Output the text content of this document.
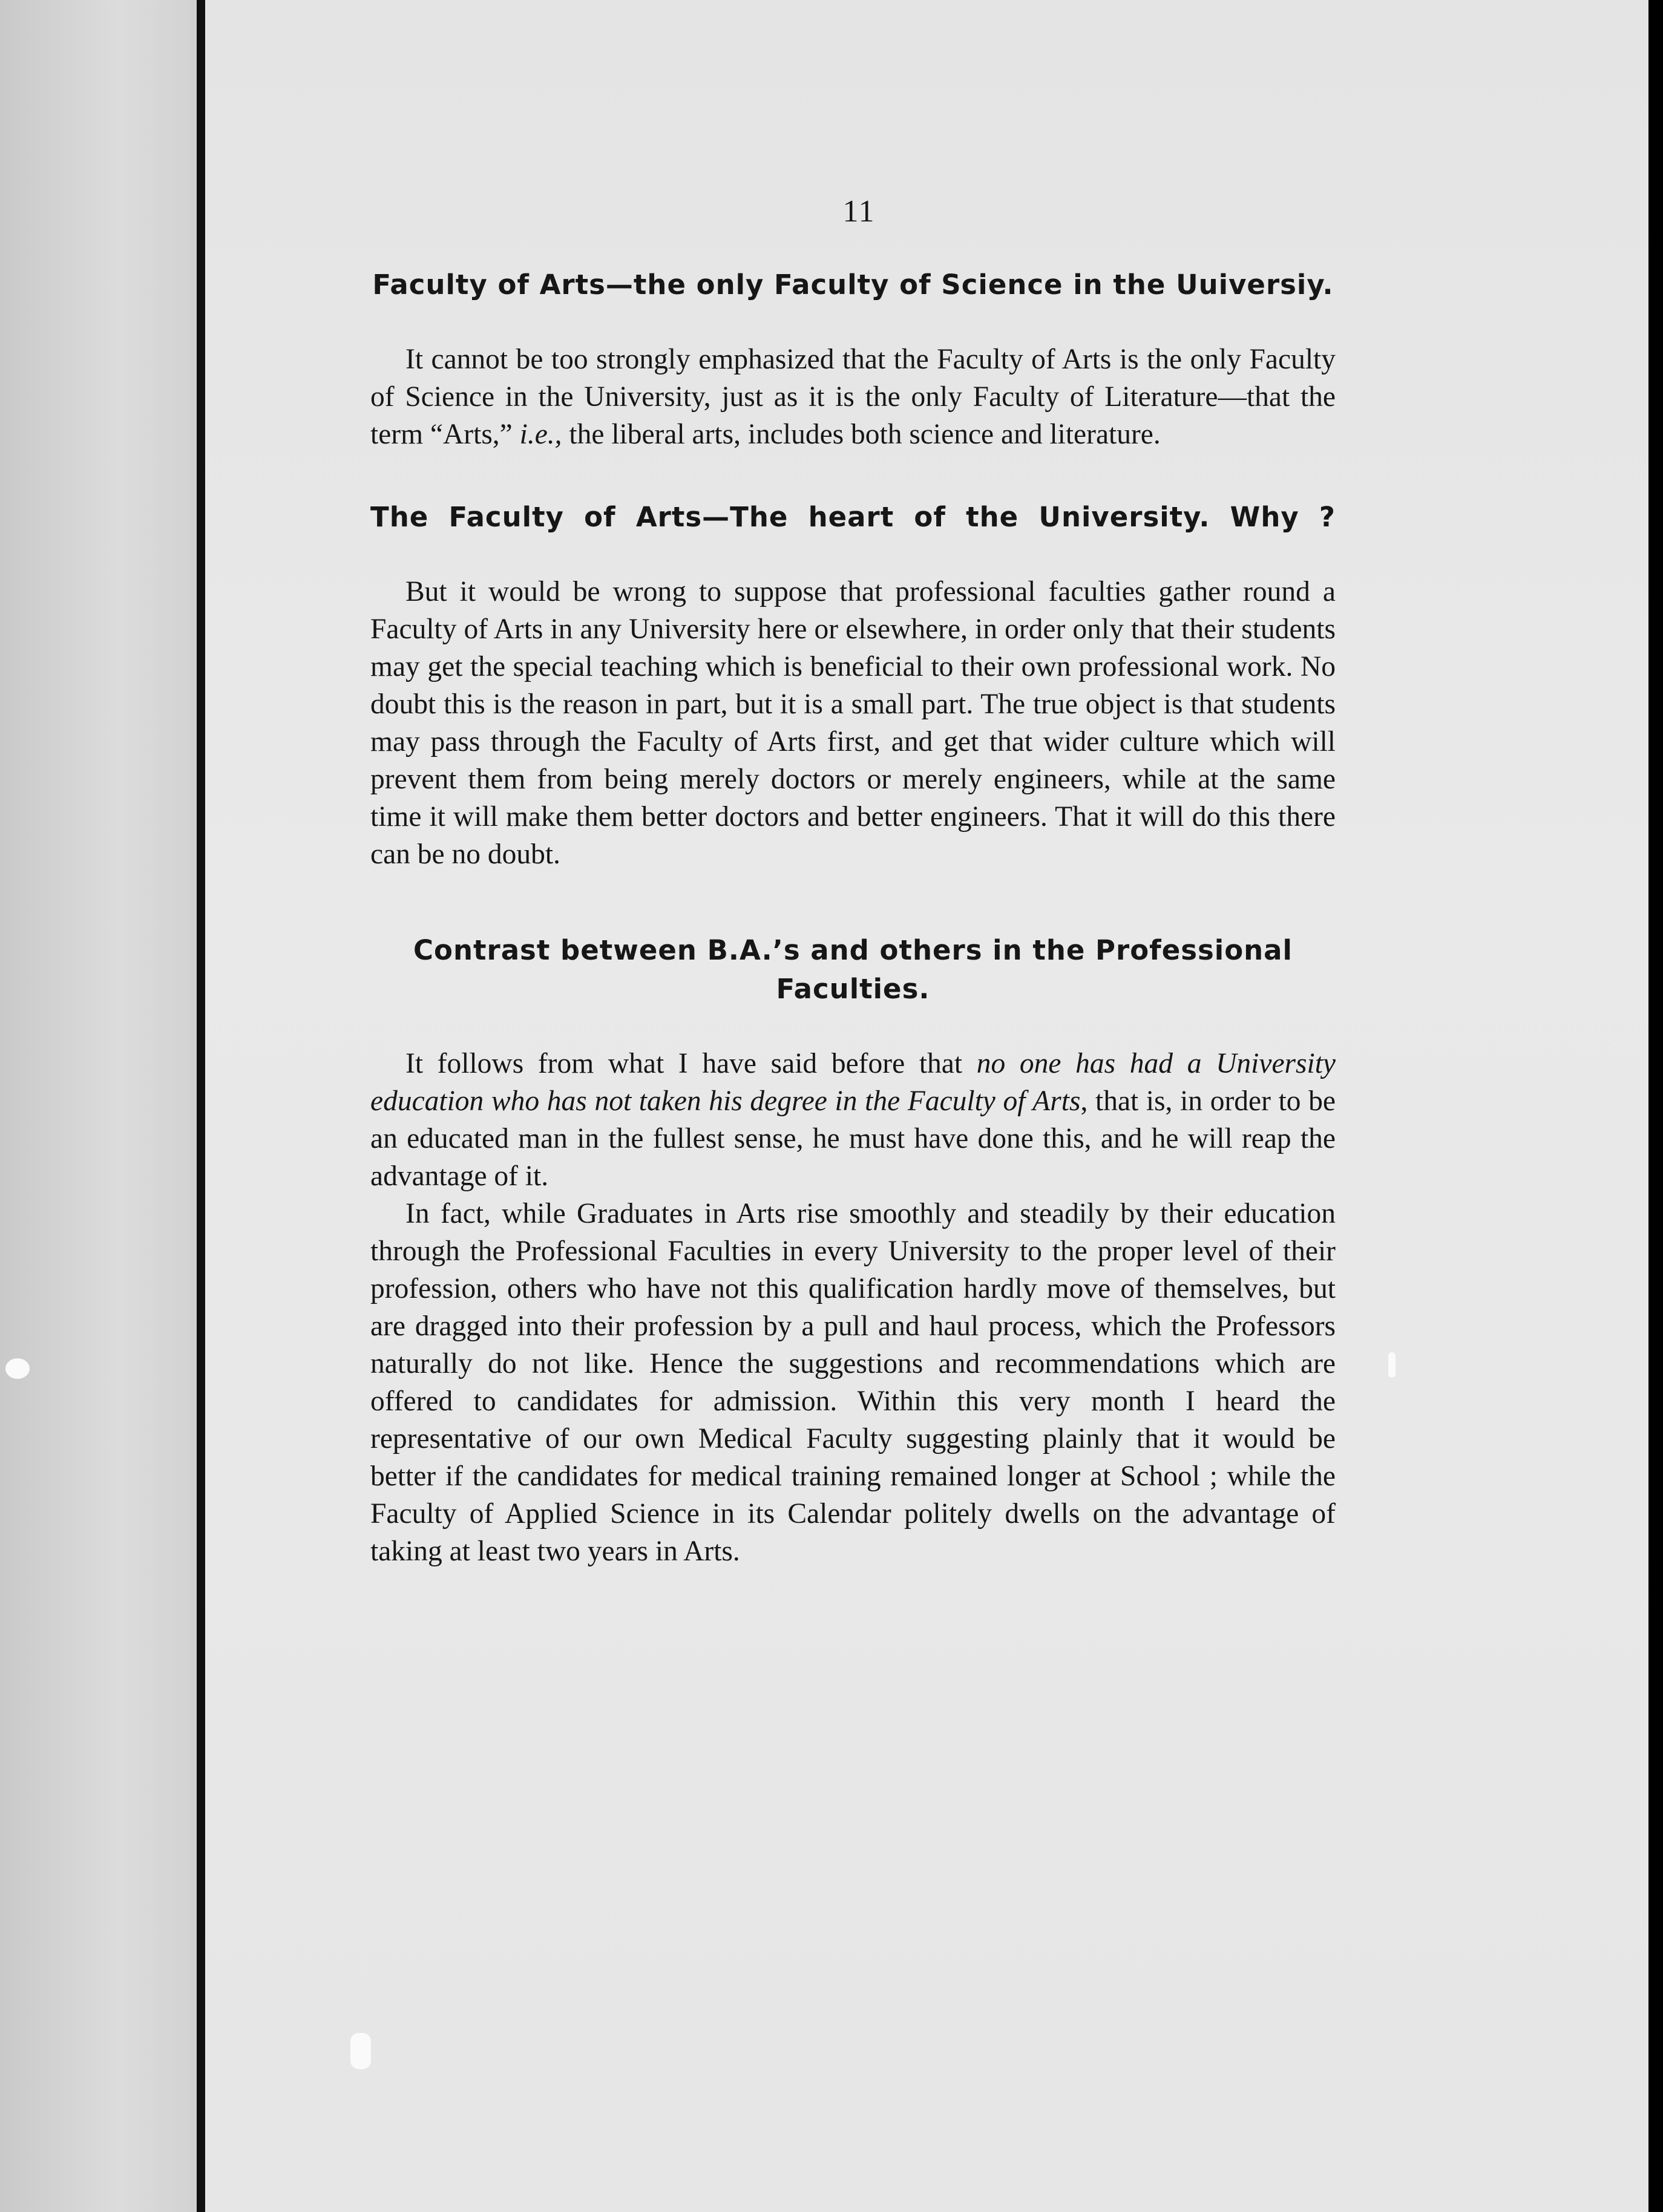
11
Faculty of Arts—the only Faculty of Science in the Uuiversiy.

It cannot be too strongly emphasized that the Faculty of Arts is the only Faculty of Science in the University, just as it is the only Faculty of Literature—that the term “Arts,” i.e., the liberal arts, includes both science and literature.

The Faculty of Arts—The heart of the University. Why ?

But it would be wrong to suppose that professional faculties gather round a Faculty of Arts in any University here or elsewhere, in order only that their students may get the special teaching which is beneficial to their own professional work. No doubt this is the reason in part, but it is a small part. The true object is that students may pass through the Faculty of Arts first, and get that wider culture which will prevent them from being merely doctors or merely engineers, while at the same time it will make them better doctors and better engineers. That it will do this there can be no doubt.

Contrast between B.A.’s and others in the Professional Faculties.

It follows from what I have said before that no one has had a University education who has not taken his degree in the Faculty of Arts, that is, in order to be an educated man in the fullest sense, he must have done this, and he will reap the advantage of it.

In fact, while Graduates in Arts rise smoothly and steadily by their education through the Professional Faculties in every University to the proper level of their profession, others who have not this qualification hardly move of themselves, but are dragged into their profession by a pull and haul process, which the Professors naturally do not like. Hence the suggestions and recommendations which are offered to candidates for admission. Within this very month I heard the representative of our own Medical Faculty suggesting plainly that it would be better if the candidates for medical training remained longer at School ; while the Faculty of Applied Science in its Calendar politely dwells on the advantage of taking at least two years in Arts.
